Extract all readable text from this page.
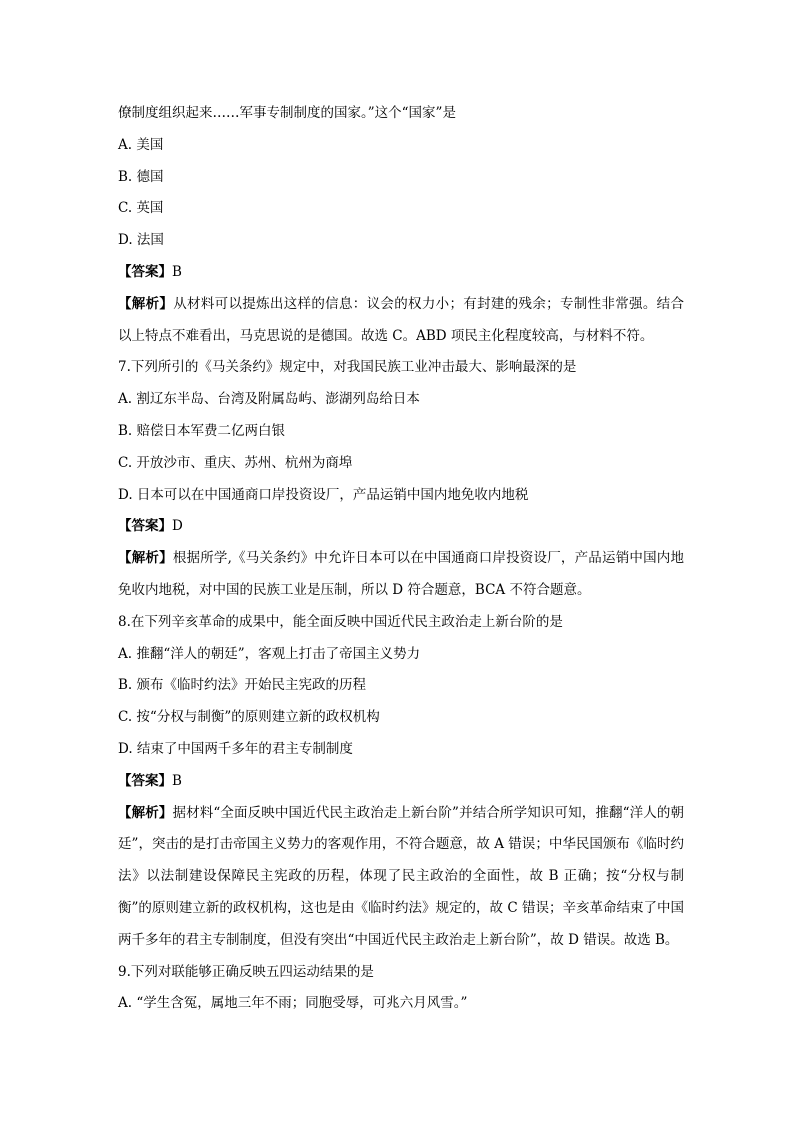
僚制度组织起来……军事专制制度的国家。”这个“国家”是

A. 美国

B. 德国

C. 英国

D. 法国

【答案】B

【解析】从材料可以提炼出这样的信息：议会的权力小；有封建的残余；专制性非常强。结合以上特点不难看出，马克思说的是德国。故选 C。ABD 项民主化程度较高，与材料不符。

7.下列所引的《马关条约》规定中，对我国民族工业冲击最大、影响最深的是

A. 割辽东半岛、台湾及附属岛屿、澎湖列岛给日本

B. 赔偿日本军费二亿两白银

C. 开放沙市、重庆、苏州、杭州为商埠

D. 日本可以在中国通商口岸投资设厂，产品运销中国内地免收内地税

【答案】D

【解析】根据所学,《马关条约》中允许日本可以在中国通商口岸投资设厂，产品运销中国内地免收内地税，对中国的民族工业是压制，所以 D 符合题意，BCA 不符合题意。

8.在下列辛亥革命的成果中，能全面反映中国近代民主政治走上新台阶的是

A. 推翻“洋人的朝廷”，客观上打击了帝国主义势力

B. 颁布《临时约法》开始民主宪政的历程

C. 按“分权与制衡”的原则建立新的政权机构

D. 结束了中国两千多年的君主专制制度

【答案】B

【解析】据材料“全面反映中国近代民主政治走上新台阶”并结合所学知识可知，推翻“洋人的朝廷”，突击的是打击帝国主义势力的客观作用，不符合题意，故 A 错误；中华民国颁布《临时约法》以法制建设保障民主宪政的历程，体现了民主政治的全面性，故 B 正确；按“分权与制衡”的原则建立新的政权机构，这也是由《临时约法》规定的，故 C 错误；辛亥革命结束了中国两千多年的君主专制制度，但没有突出“中国近代民主政治走上新台阶”，故 D 错误。故选 B。

9.下列对联能够正确反映五四运动结果的是

A. “学生含冤，属地三年不雨；同胞受辱，可兆六月风雪。”
